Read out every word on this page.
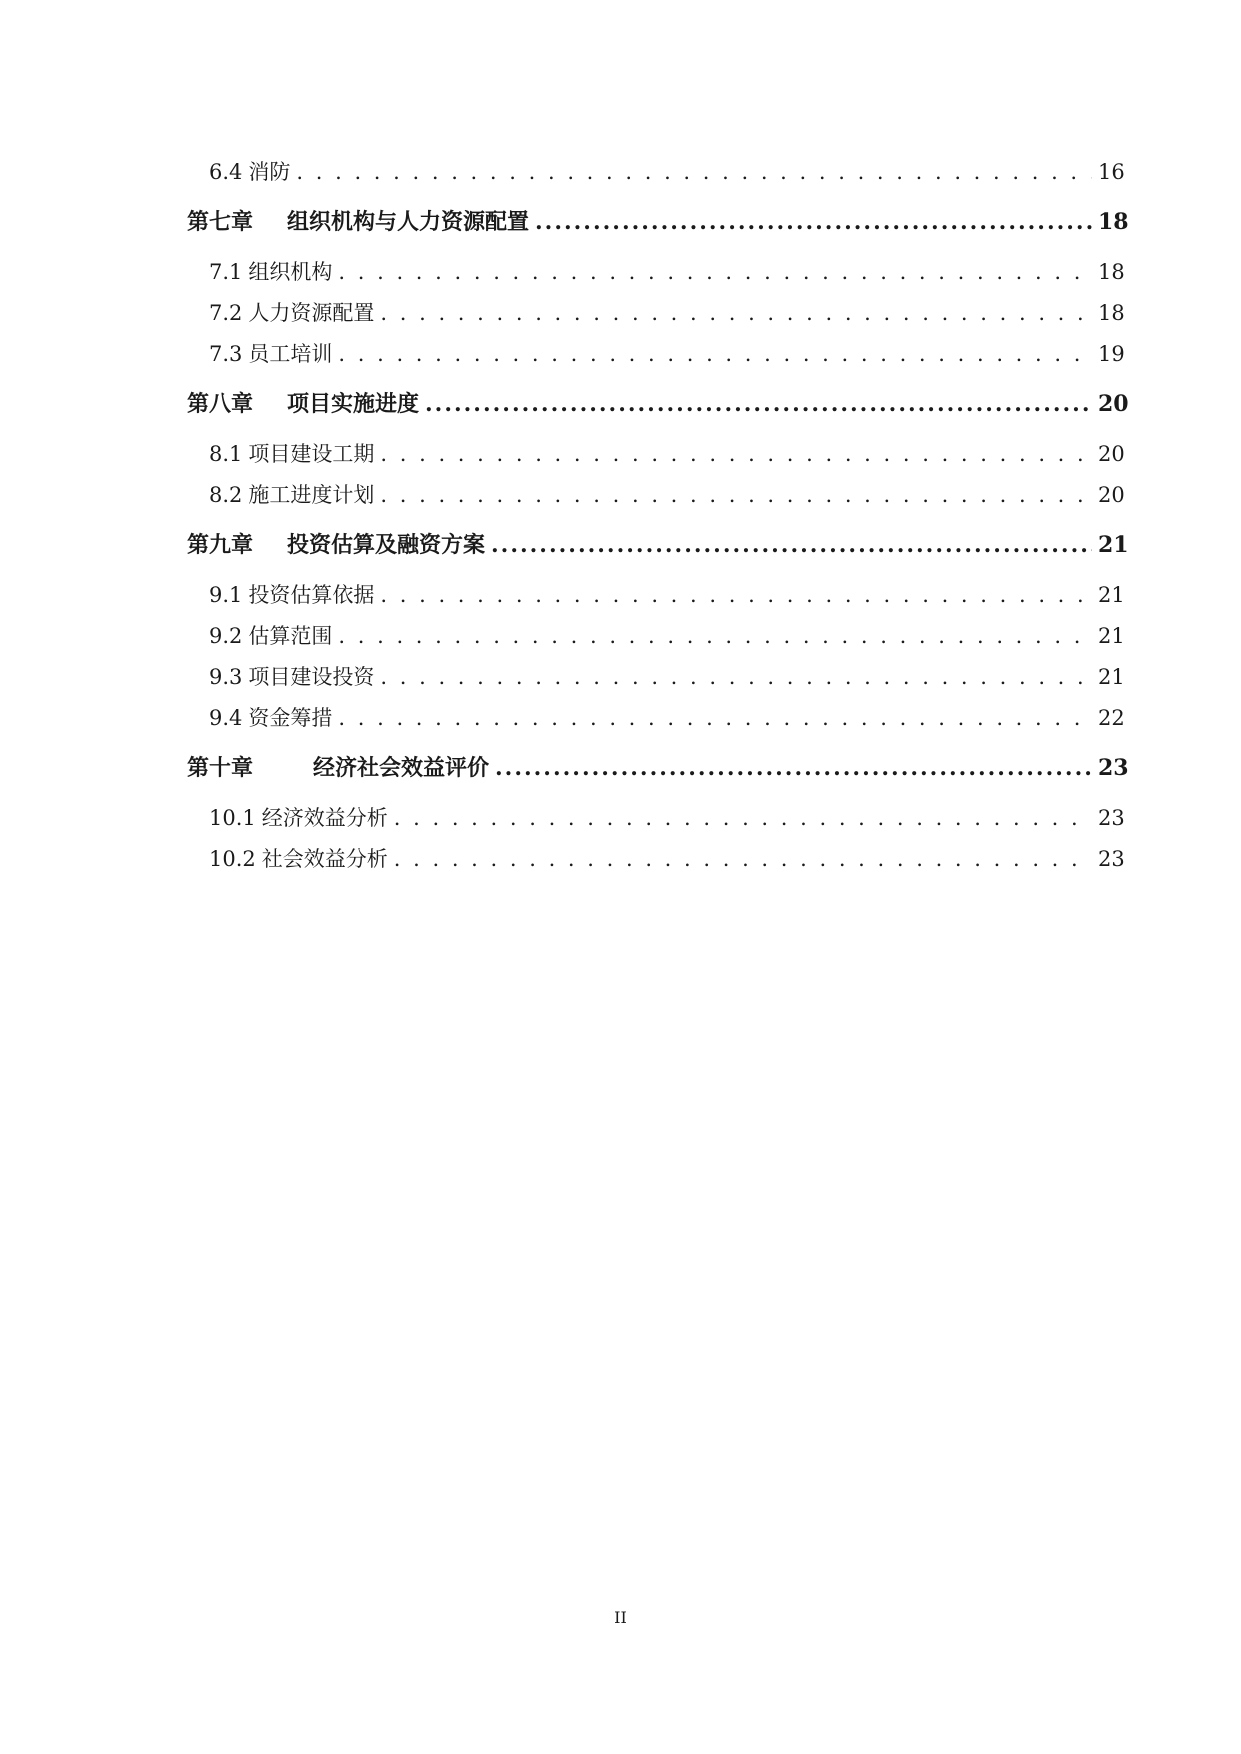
6.4 消防 . . .	16
第七章	组织机构与人力资源配置 .....	18
7.1 组织机构 . . .	18
7.2 人力资源配置 . . .	18
7.3 员工培训 . . .	19
第八章	项目实施进度 .....	20
8.1 项目建设工期 . . .	20
8.2 施工进度计划 . . .	20
第九章	投资估算及融资方案 .....	21
9.1 投资估算依据 . . .	21
9.2 估算范围 . . .	21
9.3 项目建设投资 . . .	21
9.4 资金筹措 . . .	22
第十章	经济社会效益评价 .....	23
10.1 经济效益分析 . . .	23
10.2 社会效益分析 . . .	23
II
